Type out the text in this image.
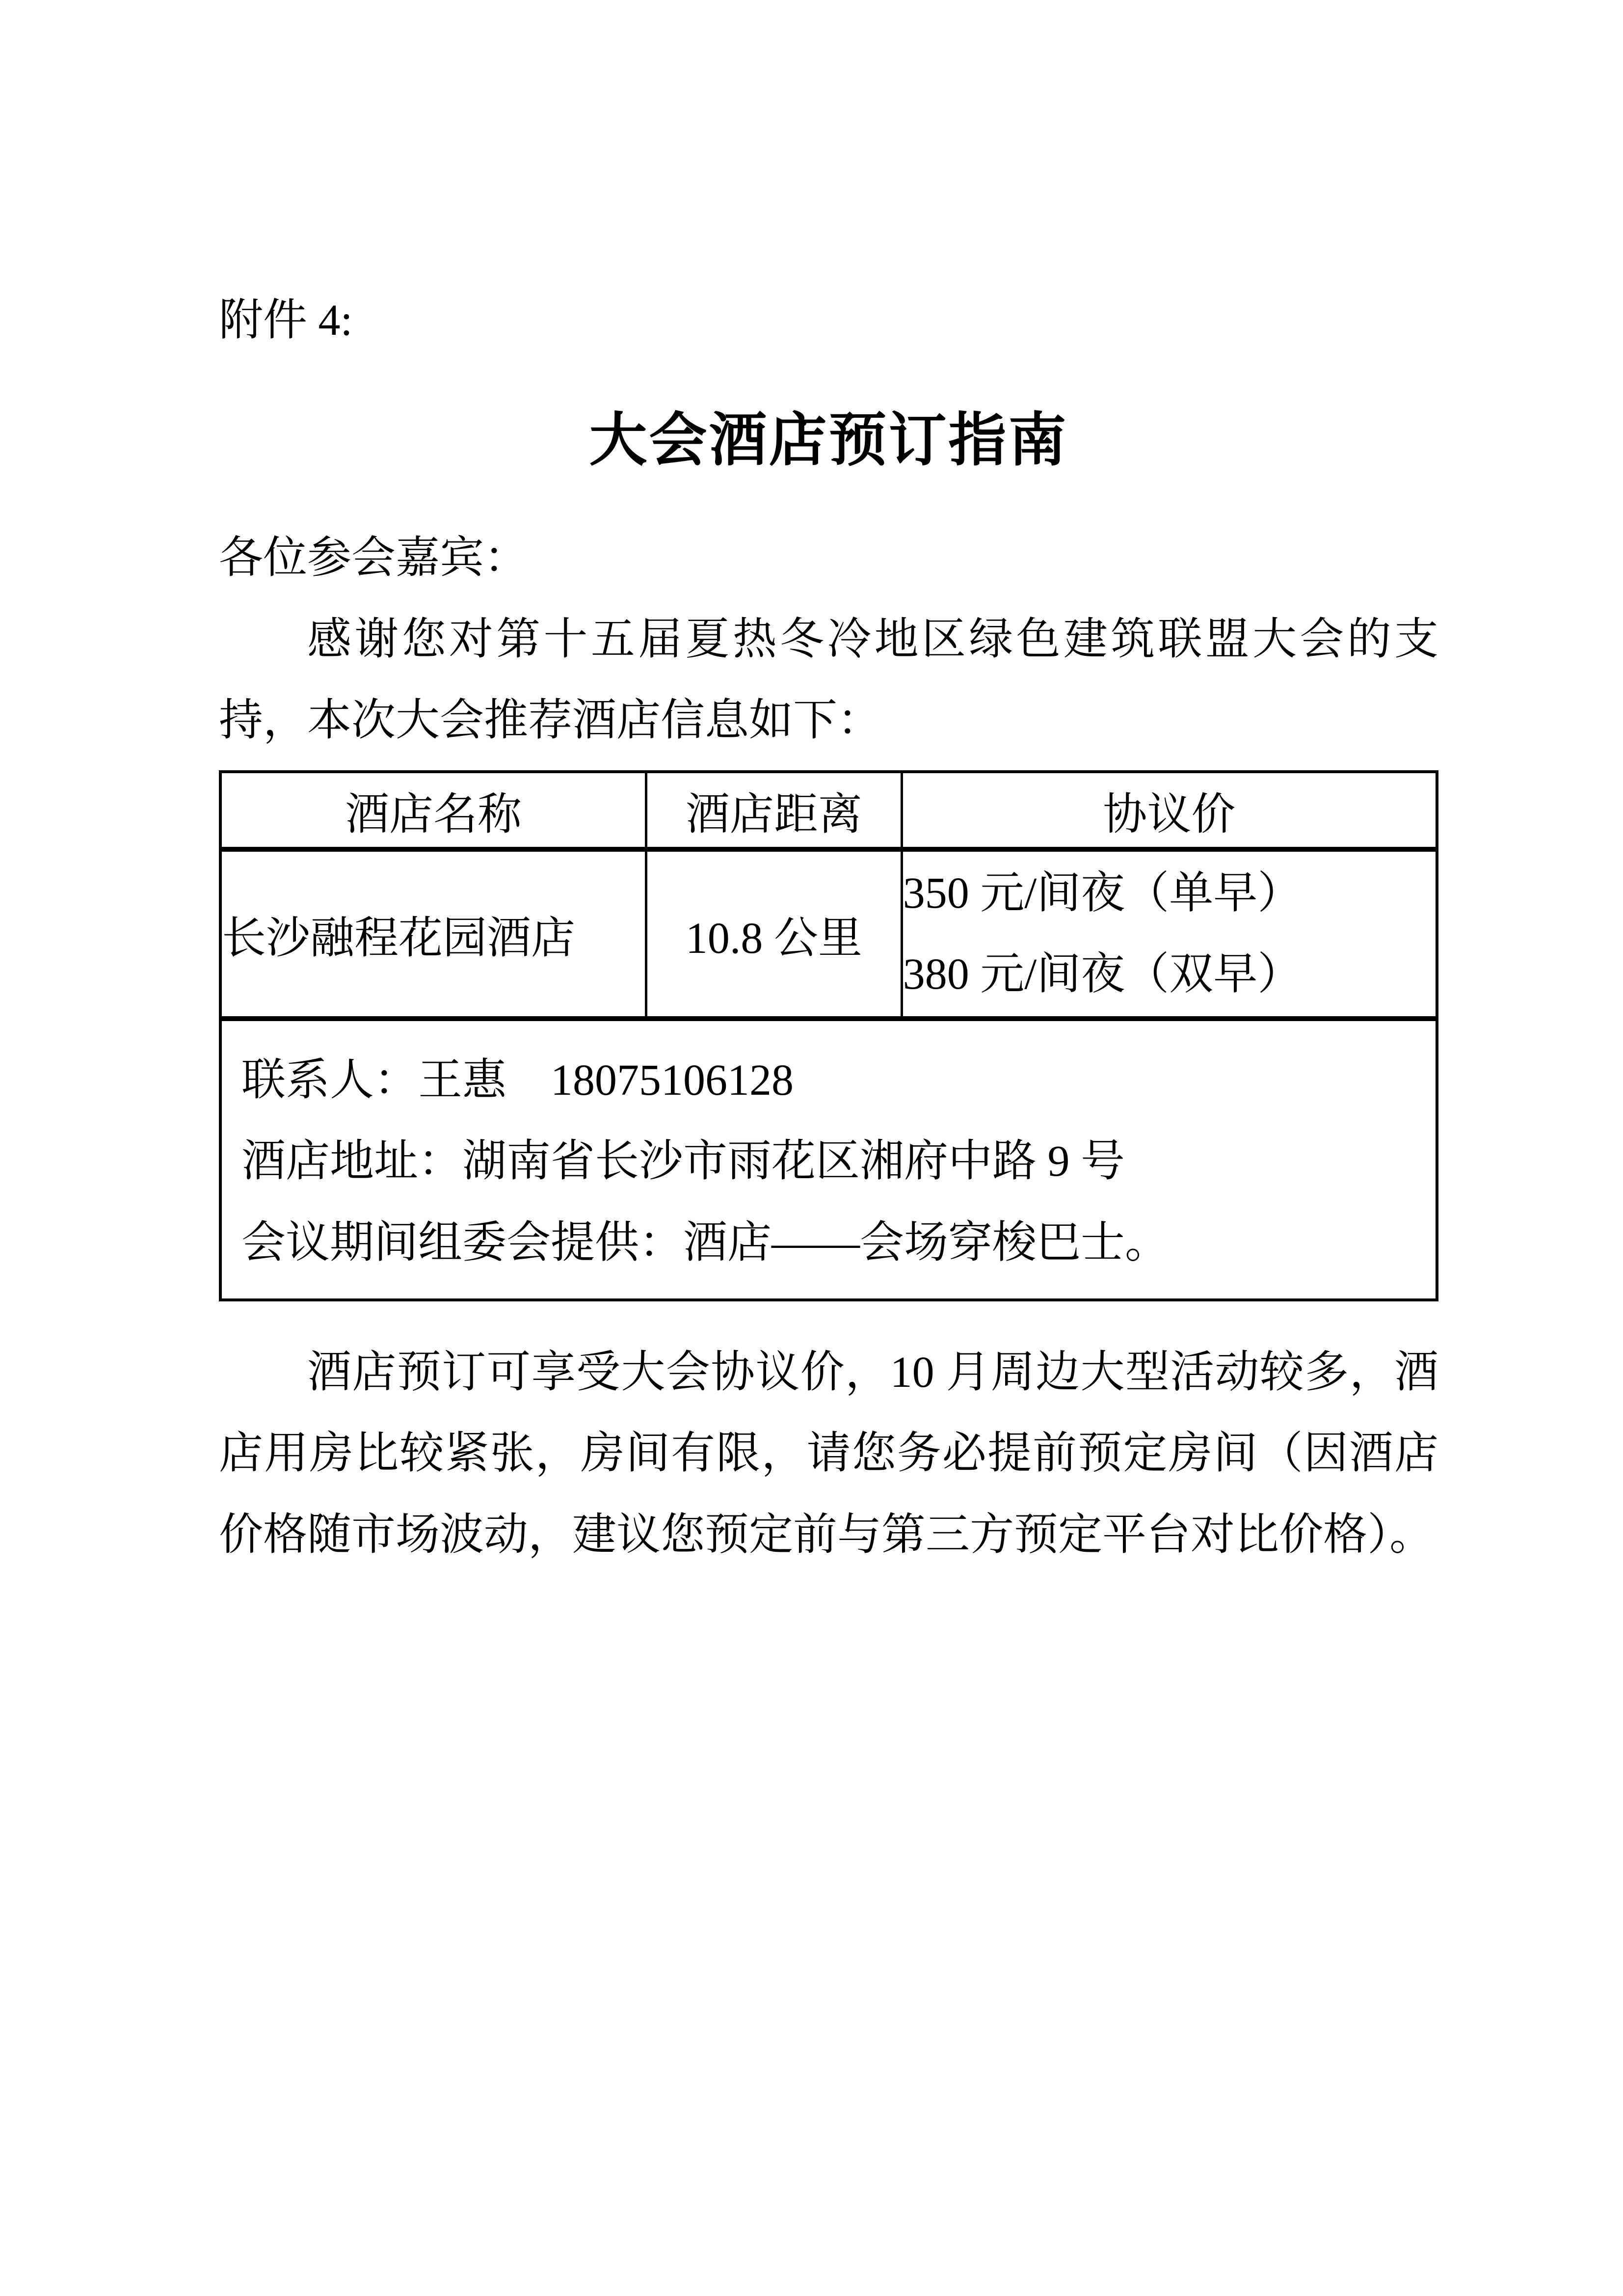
附件 4:
大会酒店预订指南
各位参会嘉宾：
感谢您对第十五届夏热冬冷地区绿色建筑联盟大会的支持，本次大会推荐酒店信息如下：
酒店名称	酒店距离	协议价
长沙融程花园酒店	10.8 公里	350 元/间夜（单早）
380 元/间夜（双早）

联系人：王惠    18075106128
酒店地址：湖南省长沙市雨花区湘府中路 9 号
会议期间组委会提供：酒店——会场穿梭巴士。		
酒店预订可享受大会协议价，10 月周边大型活动较多，酒店用房比较紧张，房间有限，请您务必提前预定房间（因酒店价格随市场波动，建议您预定前与第三方预定平台对比价格）。
